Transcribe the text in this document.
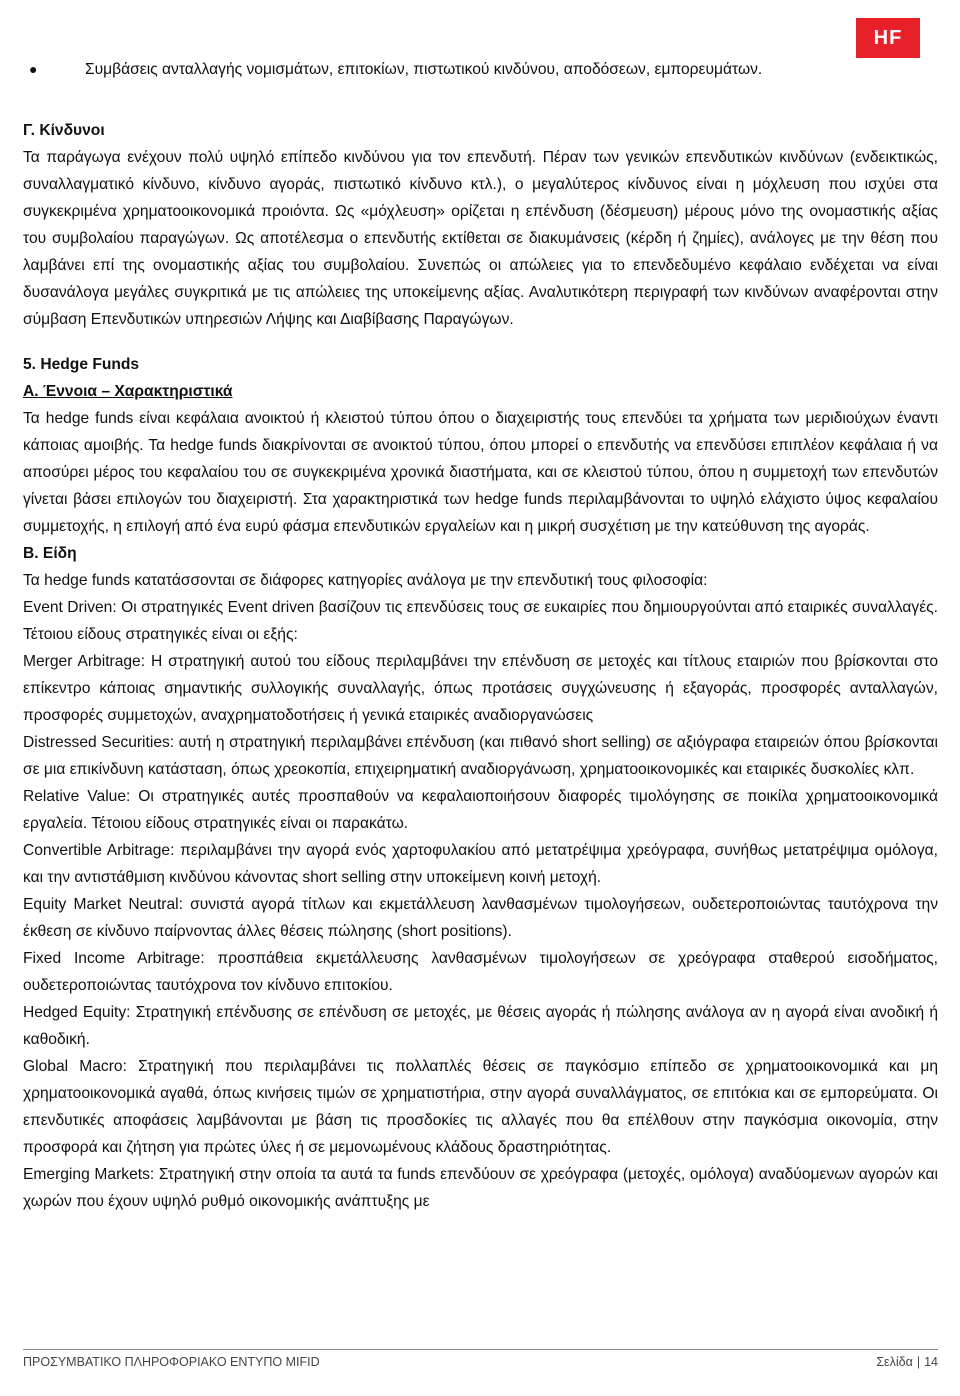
HF

●	Συμβάσεις ανταλλαγής νομισμάτων, επιτοκίων, πιστωτικού κινδύνου, αποδόσεων, εμπορευμάτων.

Γ. Κίνδυνοι

Τα παράγωγα ενέχουν πολύ υψηλό επίπεδο κινδύνου για τον επενδυτή. Πέραν των γενικών επενδυτικών κινδύνων (ενδεικτικώς, συναλλαγματικό κίνδυνο, κίνδυνο αγοράς, πιστωτικό κίνδυνο κτλ.), ο μεγαλύτερος κίνδυνος είναι η μόχλευση που ισχύει στα συγκεκριμένα χρηματοοικονομικά προιόντα. Ως «μόχλευση» ορίζεται η επένδυση (δέσμευση) μέρους μόνο της ονομαστικής αξίας του συμβολαίου παραγώγων. Ως αποτέλεσμα ο επενδυτής εκτίθεται σε διακυμάνσεις (κέρδη ή ζημίες), ανάλογες με την θέση που λαμβάνει επί της ονομαστικής αξίας του συμβολαίου. Συνεπώς οι απώλειες για το επενδεδυμένο κεφάλαιο ενδέχεται να είναι δυσανάλογα μεγάλες συγκριτικά με τις απώλειες της υποκείμενης αξίας. Αναλυτικότερη περιγραφή των κινδύνων αναφέρονται στην σύμβαση Επενδυτικών υπηρεσιών Λήψης και Διαβίβασης Παραγώγων.

5. Hedge Funds

Α. Έννοια – Χαρακτηριστικά

Τα hedge funds είναι κεφάλαια ανοικτού ή κλειστού τύπου όπου ο διαχειριστής τους επενδύει τα χρήματα των μεριδιούχων έναντι κάποιας αμοιβής. Τα hedge funds διακρίνονται σε ανοικτού τύπου, όπου μπορεί ο επενδυτής να επενδύσει επιπλέον κεφάλαια ή να αποσύρει μέρος του κεφαλαίου του σε συγκεκριμένα χρονικά διαστήματα, και σε κλειστού τύπου, όπου η συμμετοχή των επενδυτών γίνεται βάσει επιλογών του διαχειριστή. Στα χαρακτηριστικά των hedge funds περιλαμβάνονται το υψηλό ελάχιστο ύψος κεφαλαίου συμμετοχής, η επιλογή από ένα ευρύ φάσμα επενδυτικών εργαλείων και η μικρή συσχέτιση με την κατεύθυνση της αγοράς.

Β. Είδη

Τα hedge funds κατατάσσονται σε διάφορες κατηγορίες ανάλογα με την επενδυτική τους φιλοσοφία:

Event Driven: Οι στρατηγικές Event driven βασίζουν τις επενδύσεις τους σε ευκαιρίες που δημιουργούνται από εταιρικές συναλλαγές. Τέτοιου είδους στρατηγικές είναι οι εξής:

Merger Arbitrage: Η στρατηγική αυτού του είδους περιλαμβάνει την επένδυση σε μετοχές και τίτλους εταιριών που βρίσκονται στο επίκεντρο κάποιας σημαντικής συλλογικής συναλλαγής, όπως προτάσεις συγχώνευσης ή εξαγοράς, προσφορές ανταλλαγών, προσφορές συμμετοχών, αναχρηματοδοτήσεις ή γενικά εταιρικές αναδιοργανώσεις

Distressed Securities: αυτή η στρατηγική περιλαμβάνει επένδυση (και πιθανό short selling) σε αξιόγραφα εταιρειών όπου βρίσκονται σε μια επικίνδυνη κατάσταση, όπως χρεοκοπία, επιχειρηματική αναδιοργάνωση, χρηματοοικονομικές και εταιρικές δυσκολίες κλπ.

Relative Value: Οι στρατηγικές αυτές προσπαθούν να κεφαλαιοποιήσουν διαφορές τιμολόγησης σε ποικίλα χρηματοοικονομικά εργαλεία. Τέτοιου είδους στρατηγικές είναι οι παρακάτω.

Convertible Arbitrage: περιλαμβάνει την αγορά ενός χαρτοφυλακίου από μετατρέψιμα χρεόγραφα, συνήθως μετατρέψιμα ομόλογα, και την αντιστάθμιση κινδύνου κάνοντας short selling στην υποκείμενη κοινή μετοχή.

Equity Market Neutral: συνιστά αγορά τίτλων και εκμετάλλευση λανθασμένων τιμολογήσεων, ουδετεροποιώντας ταυτόχρονα την έκθεση σε κίνδυνο παίρνοντας άλλες θέσεις πώλησης (short positions).

Fixed Income Arbitrage: προσπάθεια εκμετάλλευσης λανθασμένων τιμολογήσεων σε χρεόγραφα σταθερού εισοδήματος, ουδετεροποιώντας ταυτόχρονα τον κίνδυνο επιτοκίου.

Hedged Equity: Στρατηγική επένδυσης σε επένδυση σε μετοχές, με θέσεις αγοράς ή πώλησης ανάλογα αν η αγορά είναι ανοδική ή καθοδική.

Global Macro: Στρατηγική που περιλαμβάνει τις πολλαπλές θέσεις σε παγκόσμιο επίπεδο σε χρηματοοικονομικά και μη χρηματοοικονομικά αγαθά, όπως κινήσεις τιμών σε χρηματιστήρια, στην αγορά συναλλάγματος, σε επιτόκια και σε εμπορεύματα. Οι επενδυτικές αποφάσεις λαμβάνονται με βάση τις προσδοκίες τις αλλαγές που θα επέλθουν στην παγκόσμια οικονομία, στην προσφορά και ζήτηση για πρώτες ύλες ή σε μεμονωμένους κλάδους δραστηριότητας.

Emerging Markets: Στρατηγική στην οποία τα αυτά τα funds επενδύουν σε χρεόγραφα (μετοχές, ομόλογα) αναδύομενων αγορών και χωρών που έχουν υψηλό ρυθμό οικονομικής ανάπτυξης με

ΠΡΟΣΥΜΒΑΤΙΚΟ ΠΛΗΡΟΦΟΡΙΑΚΟ ΕΝΤΥΠΟ MIFID	Σελίδα | 14
